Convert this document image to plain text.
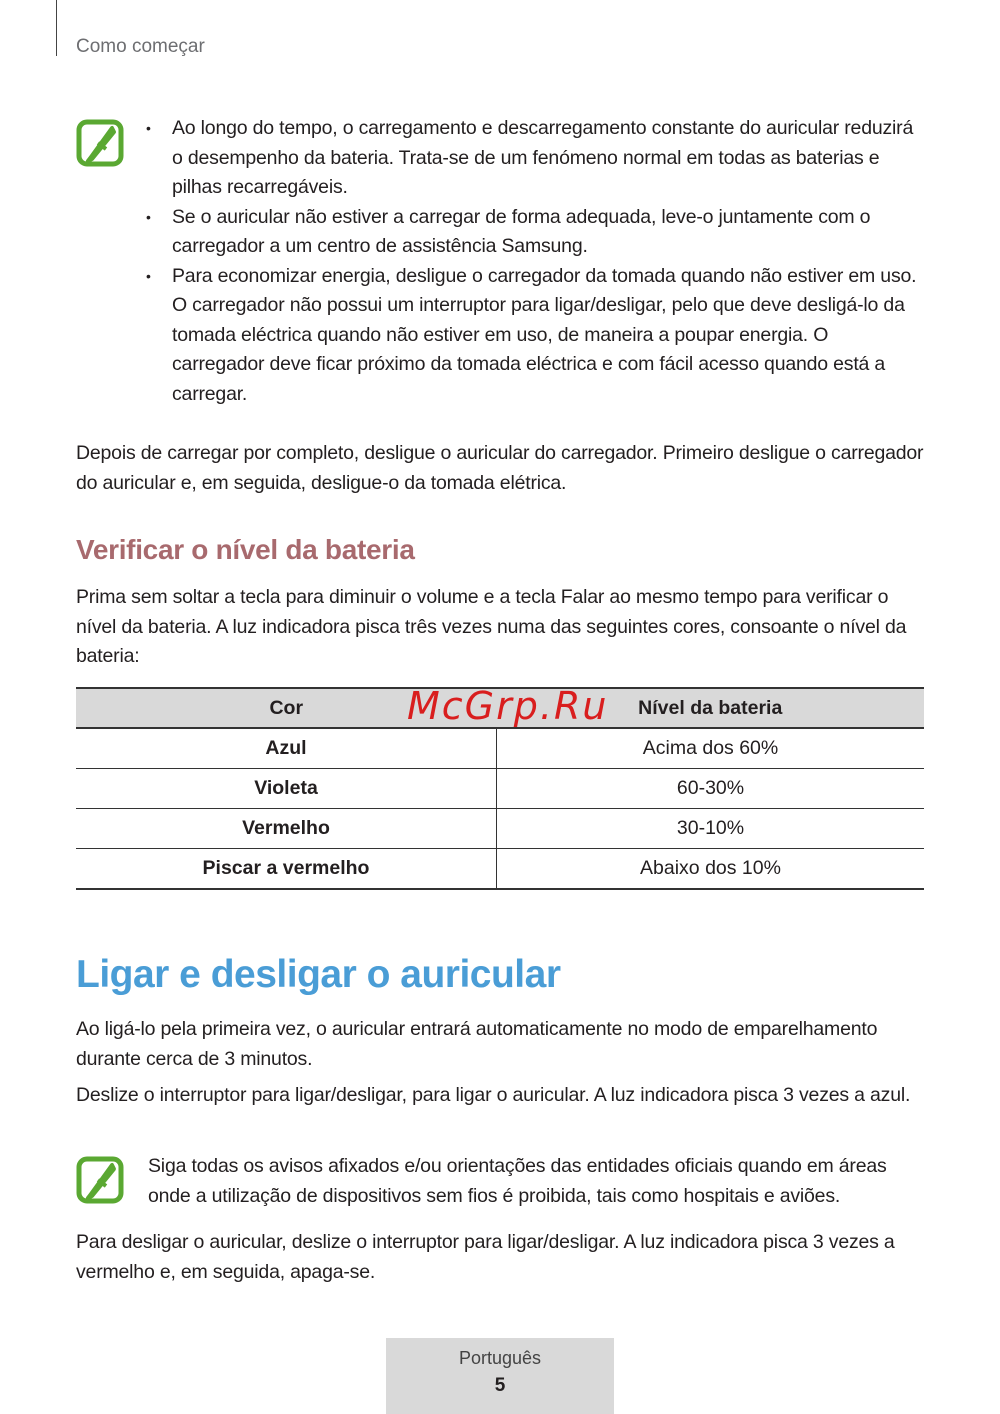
Como começar
• Ao longo do tempo, o carregamento e descarregamento constante do auricular reduzirá o desempenho da bateria. Trata-se de um fenómeno normal em todas as baterias e pilhas recarregáveis.
• Se o auricular não estiver a carregar de forma adequada, leve-o juntamente com o carregador a um centro de assistência Samsung.
• Para economizar energia, desligue o carregador da tomada quando não estiver em uso. O carregador não possui um interruptor para ligar/desligar, pelo que deve desligá-lo da tomada eléctrica quando não estiver em uso, de maneira a poupar energia. O carregador deve ficar próximo da tomada eléctrica e com fácil acesso quando está a carregar.

Depois de carregar por completo, desligue o auricular do carregador. Primeiro desligue o carregador do auricular e, em seguida, desligue-o da tomada elétrica.

Verificar o nível da bateria

Prima sem soltar a tecla para diminuir o volume e a tecla Falar ao mesmo tempo para verificar o nível da bateria. A luz indicadora pisca três vezes numa das seguintes cores, consoante o nível da bateria:

Cor	Nível da bateria
Azul	Acima dos 60%
Violeta	60-30%
Vermelho	30-10%
Piscar a vermelho	Abaixo dos 10%
McGrp.Ru
Ligar e desligar o auricular

Ao ligá-lo pela primeira vez, o auricular entrará automaticamente no modo de emparelhamento durante cerca de 3 minutos.

Deslize o interruptor para ligar/desligar, para ligar o auricular. A luz indicadora pisca 3 vezes a azul.

Siga todas os avisos afixados e/ou orientações das entidades oficiais quando em áreas onde a utilização de dispositivos sem fios é proibida, tais como hospitais e aviões.

Para desligar o auricular, deslize o interruptor para ligar/desligar. A luz indicadora pisca 3 vezes a vermelho e, em seguida, apaga-se.

Português
5
